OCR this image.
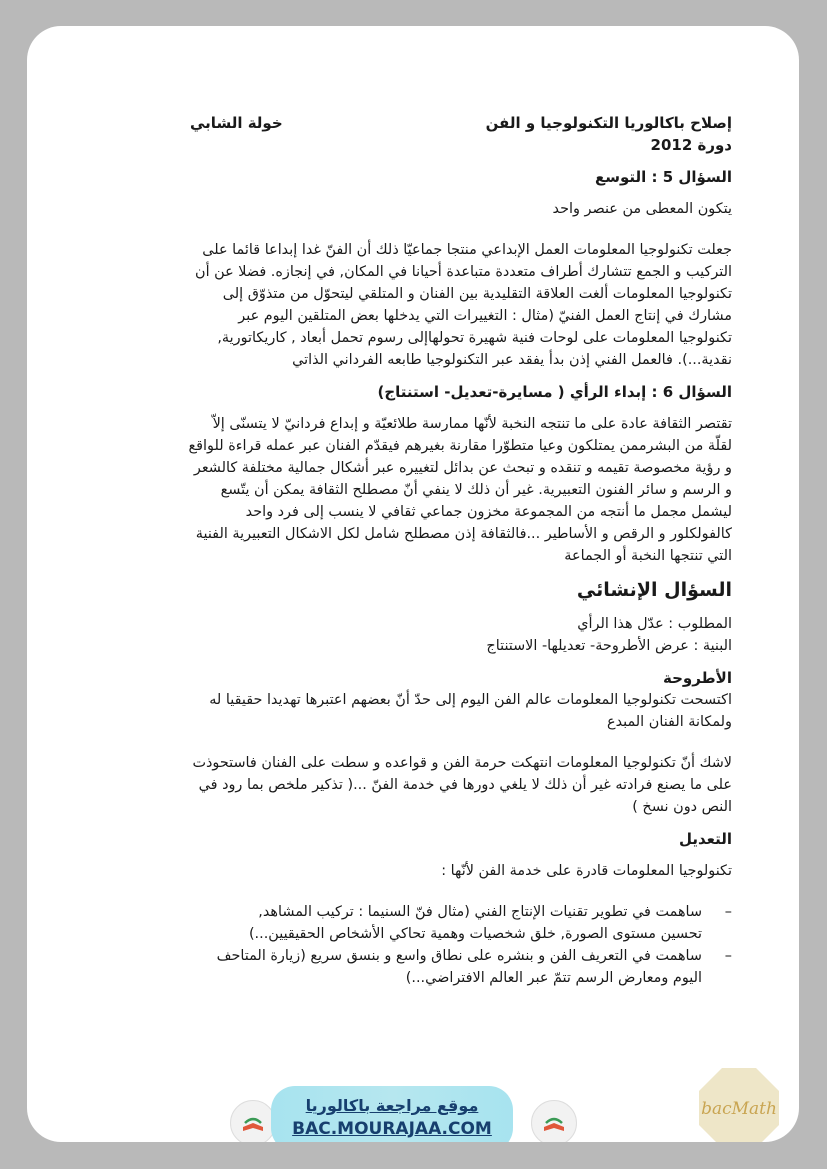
إصلاح باكالوريا التكنولوجيا و الفن
خولة الشابي

دورة 2012

السؤال 5 : التوسع

يتكون المعطى من عنصر واحد

جعلت تكنولوجيا المعلومات العمل الإبداعي منتجا جماعيّا ذلك أن الفنّ غدا إبداعا قائما على

التركيب و الجمع تتشارك أطراف متعددة متباعدة أحيانا في المكان, في إنجازه. فضلا عن أن

تكنولوجيا المعلومات ألغت العلاقة التقليدية بين الفنان و المتلقي ليتحوّل من متذوّق إلى

مشارك في إنتاج العمل الفنيّ (مثال : التغييرات التي يدخلها بعض المتلقين اليوم عبر

تكنولوجيا المعلومات على لوحات فنية شهيرة تحولهاإلى رسوم تحمل أبعاد , كاريكاتورية,

نقدية...). فالعمل الفني إذن بدأ يفقد عبر التكنولوجيا طابعه الفرداني الذاتي

السؤال 6 : إبداء الرأي ( مسايرة-تعديل- استنتاج)

تقتصر الثقافة عادة على ما تنتجه النخبة لأنّها ممارسة طلائعيّة و إبداع فردانيّ لا يتسنّى إلاّ

لقلّة من البشرممن يمتلكون وعيا متطوّرا مقارنة بغيرهم فيقدّم الفنان عبر عمله قراءة للواقع

و رؤية مخصوصة تقيمه و تنقده و تبحث عن بدائل لتغييره عبر أشكال جمالية مختلفة كالشعر

و الرسم و سائر الفنون التعبيرية. غير أن ذلك لا ينفي أنّ مصطلح الثقافة يمكن أن يتّسع

ليشمل مجمل ما أنتجه من المجموعة مخزون جماعي ثقافي لا ينسب إلى فرد واحد

كالفولكلور و الرقص و الأساطير ...فالثقافة إذن مصطلح شامل لكل الاشكال التعبيرية الفنية

التي تنتجها النخبة أو الجماعة

السؤال الإنشائي

المطلوب : عدّل هذا الرأي

البنية : عرض الأطروحة- تعديلها- الاستنتاج

الأطروحة

اكتسحت تكنولوجيا المعلومات عالم الفن اليوم إلى حدّ أنّ بعضهم اعتبرها تهديدا حقيقيا له

ولمكانة الفنان المبدع

لاشك أنّ تكنولوجيا المعلومات انتهكت حرمة الفن و قواعده و سطت على الفنان فاستحوذت

على ما يصنع فرادته غير أن ذلك لا يلغي دورها في خدمة الفنّ ...( تذكير ملخص بما رود في

النص دون نسخ )

التعديل

تكنولوجيا المعلومات قادرة على خدمة الفن لأنّها :

– ساهمت في تطوير تقنيات الإنتاج الفني (مثال فنّ السنيما : تركيب المشاهد,

تحسين مستوى الصورة, خلق شخصيات وهمية تحاكي الأشخاص الحقيقيين...)

– ساهمت في التعريف الفن و بنشره على نطاق واسع و بنسق سريع (زيارة المتاحف

اليوم ومعارض الرسم تتمّ عبر العالم الافتراضي...)

موقع مراجعة باكالوريا
BAC.MOURAJAA.COM
bacMath
